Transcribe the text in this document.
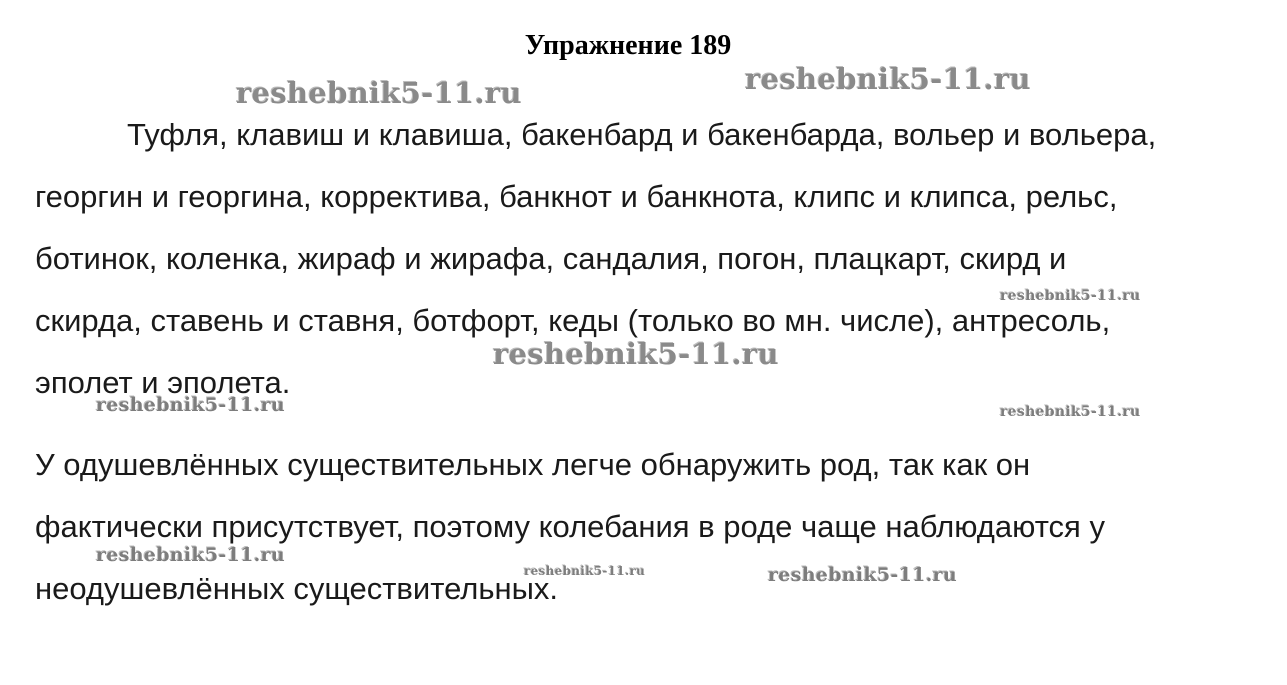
Упражнение 189
Туфля, клавиш и клавиша, бакенбард и бакенбарда, вольер и вольера,
георгин и георгина, корректива, банкнот и банкнота, клипс и клипса, рельс,
ботинок, коленка, жираф и жирафа, сандалия, погон, плацкарт, скирд и
скирда, ставень и ставня, ботфорт, кеды (только во мн. числе), антресоль,
эполет и эполета.
У одушевлённых существительных легче обнаружить род, так как он
фактически присутствует, поэтому колебания в роде чаще наблюдаются у
неодушевлённых существительных.
reshebnik5-11.ru	reshebnik5-11.ru
reshebnik5-11.ru
reshebnik5-11.ru
reshebnik5-11.ru	reshebnik5-11.ru
reshebnik5-11.ru
reshebnik5-11.ru	reshebnik5-11.ru
